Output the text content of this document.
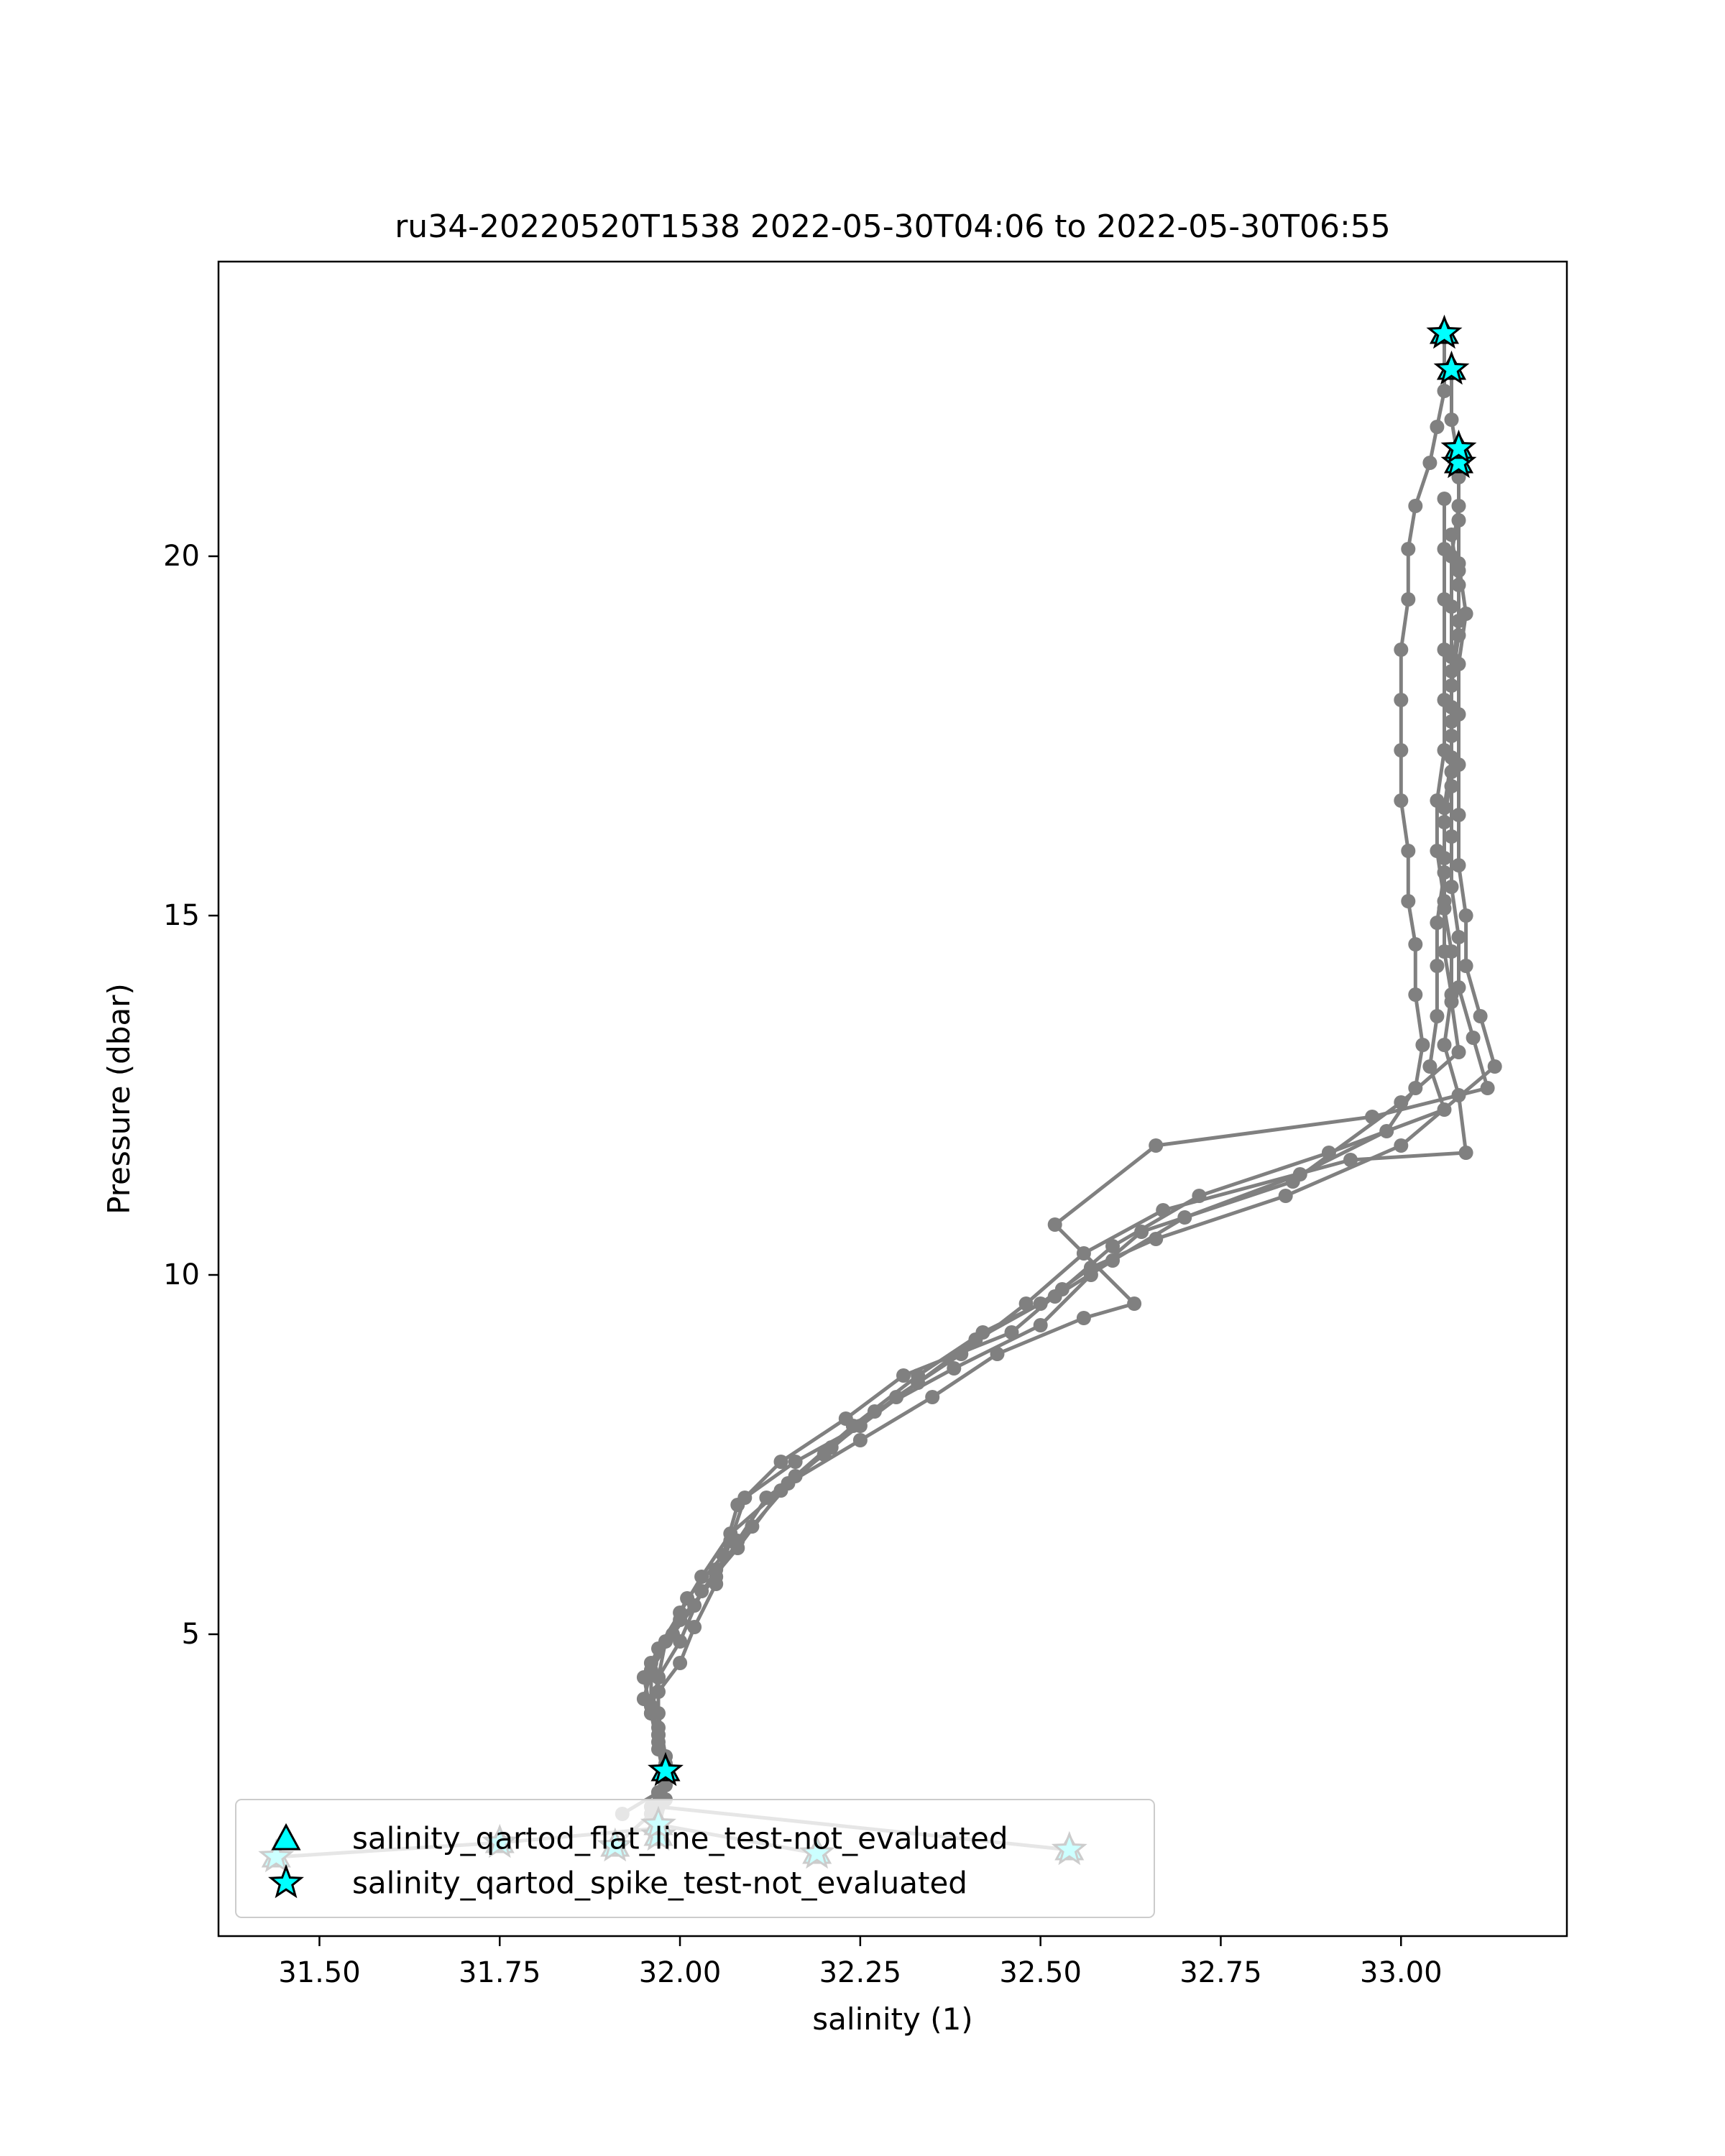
ru34-20220520T1538 2022-05-30T04:06 to 2022-05-30T06:55
31.50	31.75	32.00	32.25	32.50	32.75	33.00
5
10
15
20
salinity (1)
Pressure (dbar)
salinity_qartod_flat_line_test-not_evaluated
salinity_qartod_spike_test-not_evaluated
